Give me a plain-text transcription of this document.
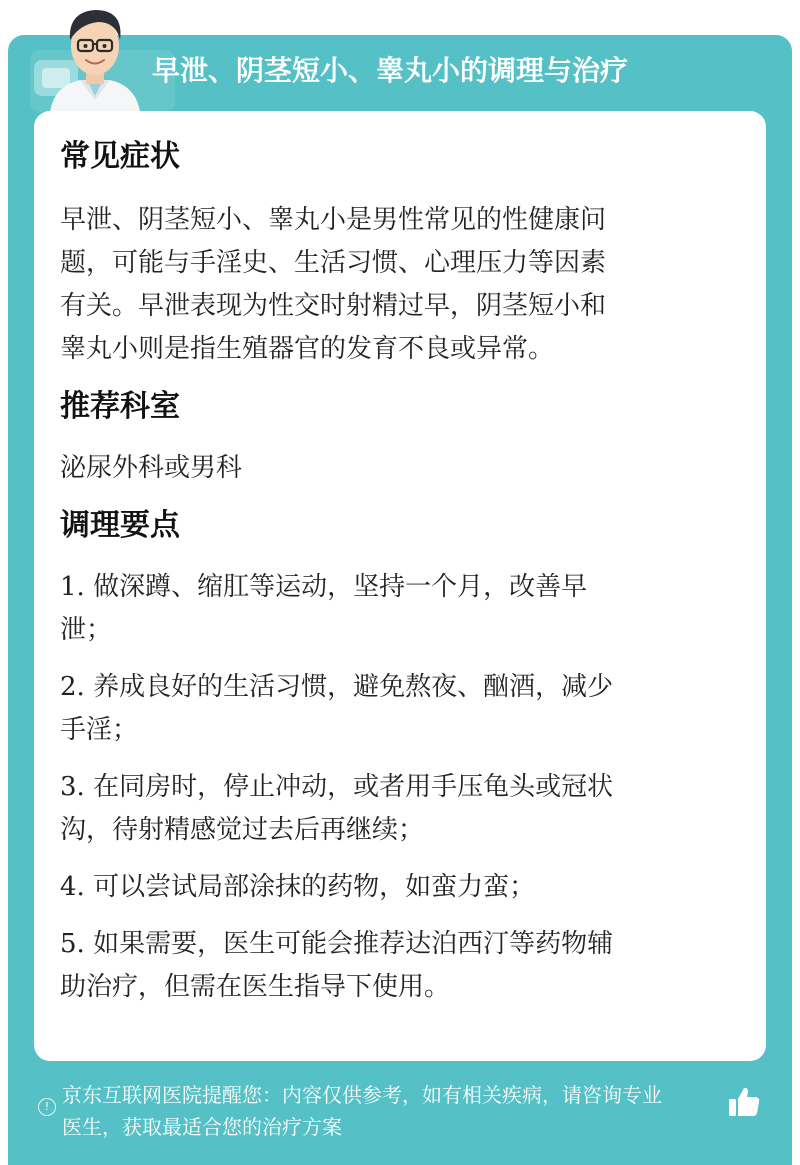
早泄、阴茎短小、睾丸小的调理与治疗
常见症状
早泄、阴茎短小、睾丸小是男性常见的性健康问
题，可能与手淫史、生活习惯、心理压力等因素
有关。早泄表现为性交时射精过早，阴茎短小和
睾丸小则是指生殖器官的发育不良或异常。
推荐科室
泌尿外科或男科
调理要点
1. 做深蹲、缩肛等运动，坚持一个月，改善早
泄；
2. 养成良好的生活习惯，避免熬夜、酗酒，减少
手淫；
3. 在同房时，停止冲动，或者用手压龟头或冠状
沟，待射精感觉过去后再继续；
4. 可以尝试局部涂抹的药物，如蛮力蛮；
5. 如果需要，医生可能会推荐达泊西汀等药物辅
助治疗，但需在医生指导下使用。
! 京东互联网医院提醒您：内容仅供参考，如有相关疾病，请咨询专业
医生，获取最适合您的治疗方案
